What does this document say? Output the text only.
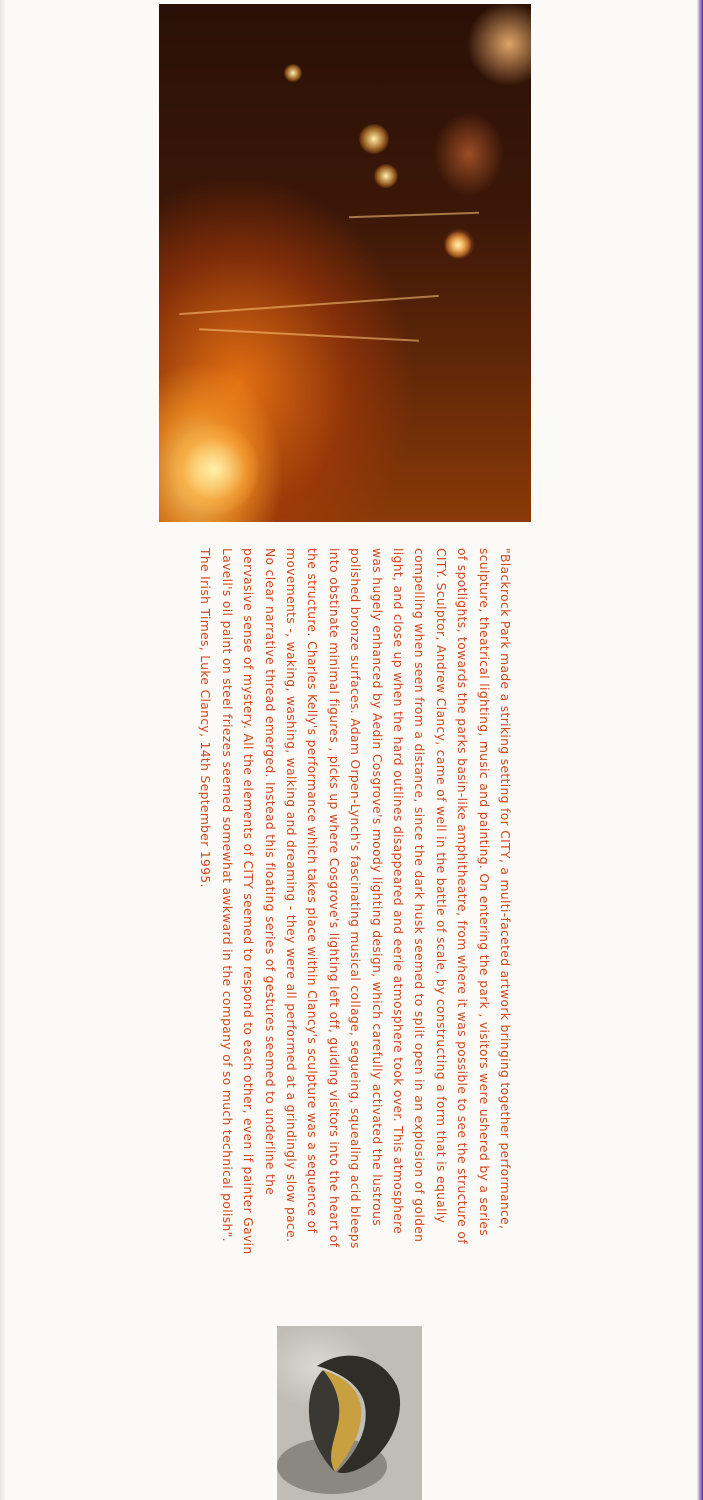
"Blackrock Park made a striking setting for CITY, a multi-faceted artwork bringing together performance,
sculpture, theatrical lighting, music and painting. On entering the park , visitors were ushered by a series
of spotlights, towards the parks basin-like amphitheatre, from where it was possible to see the structure of
CITY. Sculptor, Andrew Clancy, came of well in the battle of scale, by constructing a form that is equally
compelling when seen from a distance, since the dark husk seemed to split open in an explosion of golden
light, and close up when the hard outlines disappeared and eerie atmosphere took over. This atmosphere
was hugely enhanced by Aedin Cosgrove's moody lighting design, which carefully activated the lustrous
polished bronze surfaces. Adam Orpen-Lynch's fascinating musical collage, segueing, squealing acid bleeps
into obstinate minimal figures , picks up where Cosgrove's lighting left off, guiding visitors into the heart of
the structure. Charles Kelly's performance which takes place within Clancy's sculpture was a sequence of
movements -, waking, washing, walking and dreaming - they were all performed at a grindingly slow pace.
No clear narrative thread emerged. Instead this floating series of gestures seemed to underline the
pervasive sense of mystery. All the elements of CITY seemed to respond to each other, even if painter Gavin
Lavell's oil paint on steel friezes seemed somewhat awkward in the company of so much technical polish".
The Irish Times, Luke Clancy, 14th September 1995.
